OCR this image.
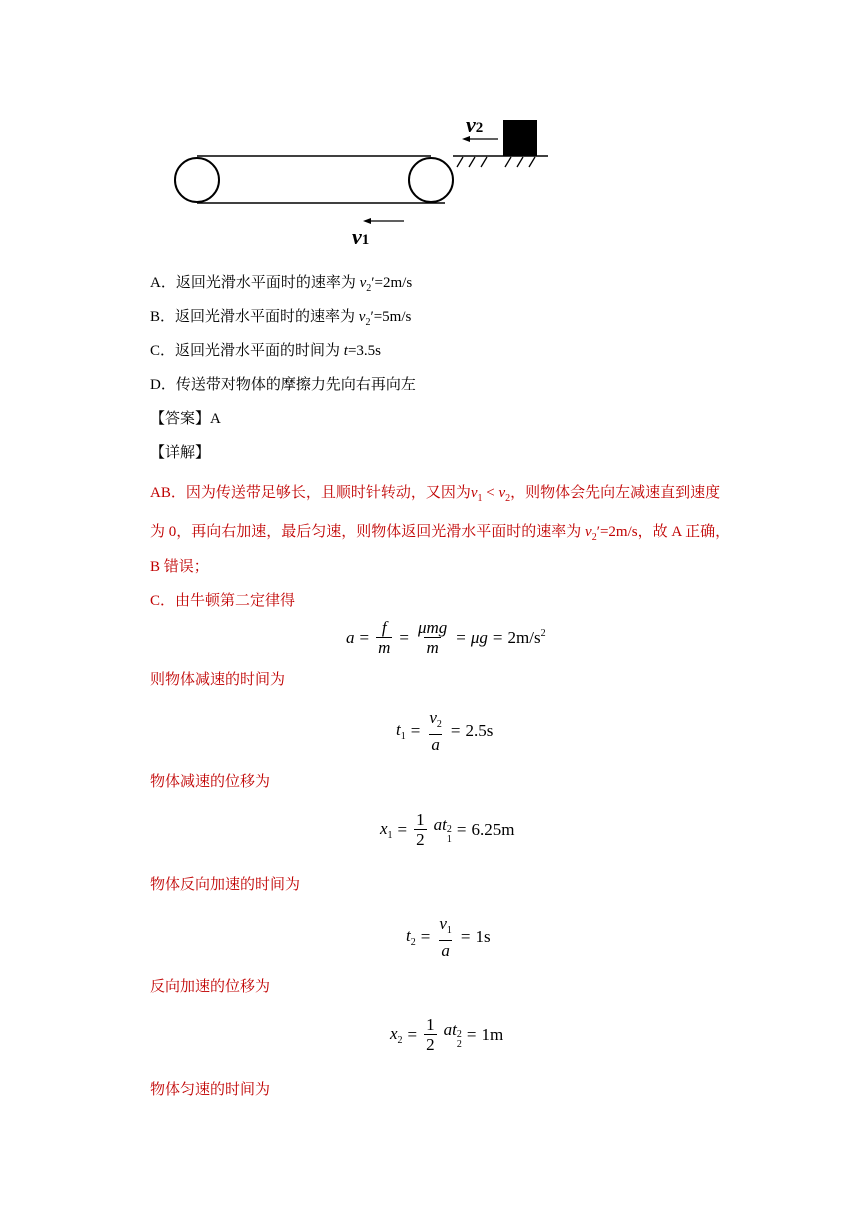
v2
v1
A．返回光滑水平面时的速率为 $v_2'=2m/s$
B．返回光滑水平面时的速率为 $v_2'=5m/s$
C．返回光滑水平面的时间为 t=3.5s
D．传送带对物体的摩擦力先向右再向左
【答案】A
【详解】
AB．因为传送带足够长，且顺时针转动，又因为$v_1 < v_2$，则物体会先向左减速直到速度
为 0，再向右加速，最后匀速，则物体返回光滑水平面时的速率为 $v_2'=2m/s$，故 A 正确，
B 错误；
C．由牛顿第二定律得
$a = \frac{f}{m} = \frac{\text{μmg}}{m} = \mu g = 2m/s^2$
则物体减速的时间为
$t_1 = \frac{v_2}{a} = 2.5s$
物体减速的位移为
$x_1 = \frac{1}{2}$ at 2
1
= 6.25m
物体反向加速的时间为
$t_2 = \frac{v_1}{a} = 1s$
反向加速的位移为
$x_2 = \frac{1}{2}$ at 2
2
= 1m
物体匀速的时间为
